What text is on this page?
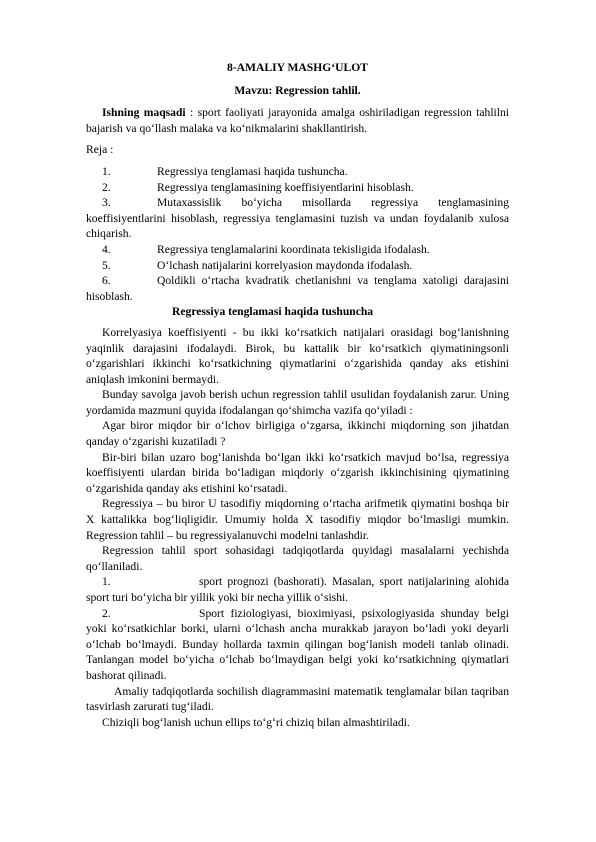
8-AMALIY MASHG‘ULOT
Mavzu: Regression tahlil.

Ishning maqsadi : sport faoliyati jarayonida amalga oshiriladigan regression tahlilni bajarish va qo‘llash malaka va ko‘nikmalarini shakllantirish.

Reja :
1.	Regressiya tenglamasi haqida tushuncha.
2.	Regressiya tenglamasining koeffisiyentlarini hisoblash.

3.	Mutaxassislik bo‘yicha misollarda regressiya tenglamasining koeffisiyentlarini hisoblash, regressiya tenglamasini tuzish va undan foydalanib xulosa chiqarish.

4.	Regressiya tenglamalarini koordinata tekisligida ifodalash.
5.	O‘lchash natijalarini korrelyasion maydonda ifodalash.

6.	Qoldikli o‘rtacha kvadratik chetlanishni va tenglama xatoligi darajasini hisoblash.

Regressiya tenglamasi haqida tushuncha

Korrelyasiya koeffisiyenti - bu ikki ko‘rsatkich natijalari orasidagi bog‘lanishning yaqinlik darajasini ifodalaydi. Birok, bu kattalik bir ko‘rsatkich qiymatiningsonli o‘zgarishlari ikkinchi ko‘rsatkichning qiymatlarini o‘zgarishida qanday aks etishini aniqlash imkonini bermaydi.

Bunday savolga javob berish uchun regression tahlil usulidan foydalanish zarur. Uning yordamida mazmuni quyida ifodalangan qo‘shimcha vazifa qo‘yiladi :

Agar biror miqdor bir o‘lchov birligiga o‘zgarsa, ikkinchi miqdorning son jihatdan qanday o‘zgarishi kuzatiladi ?

Bir-biri bilan uzaro bog‘lanishda bo‘lgan ikki ko‘rsatkich mavjud bo‘lsa, regressiya koeffisiyenti ulardan birida bo‘ladigan miqdoriy o‘zgarish ikkinchisining qiymatining o‘zgarishida qanday aks etishini ko‘rsatadi.

Regressiya – bu biror U tasodifiy miqdorning o‘rtacha arifmetik qiymatini boshqa bir X kattalikka bog‘liqligidir. Umumiy holda X tasodifiy miqdor bo‘lmasligi mumkin. Regression tahlil – bu regressiyalanuvchi modelni tanlashdir.

Regression tahlil sport sohasidagi tadqiqotlarda quyidagi masalalarni yechishda qo‘llaniladi.

1.	sport prognozi (bashorati). Masalan, sport natijalarining alohida sport turi bo‘yicha bir yillik yoki bir necha yillik o‘sishi.

2.	Sport fiziologiyasi, bioximiyasi, psixologiyasida shunday belgi yoki ko‘rsatkichlar borki, ularni o‘lchash ancha murakkab jarayon bo‘ladi yoki deyarli o‘lchab bo‘lmaydi. Bunday hollarda taxmin qilingan bog‘lanish modeli tanlab olinadi. Tanlangan model bo‘yicha o‘lchab bo‘lmaydigan belgi yoki ko‘rsatkichning qiymatlari bashorat qilinadi.

Amaliy tadqiqotlarda sochilish diagrammasini matematik tenglamalar bilan taqriban tasvirlash zarurati tug‘iladi.

Chiziqli bog‘lanish uchun ellips to‘g‘ri chiziq bilan almashtiriladi.
